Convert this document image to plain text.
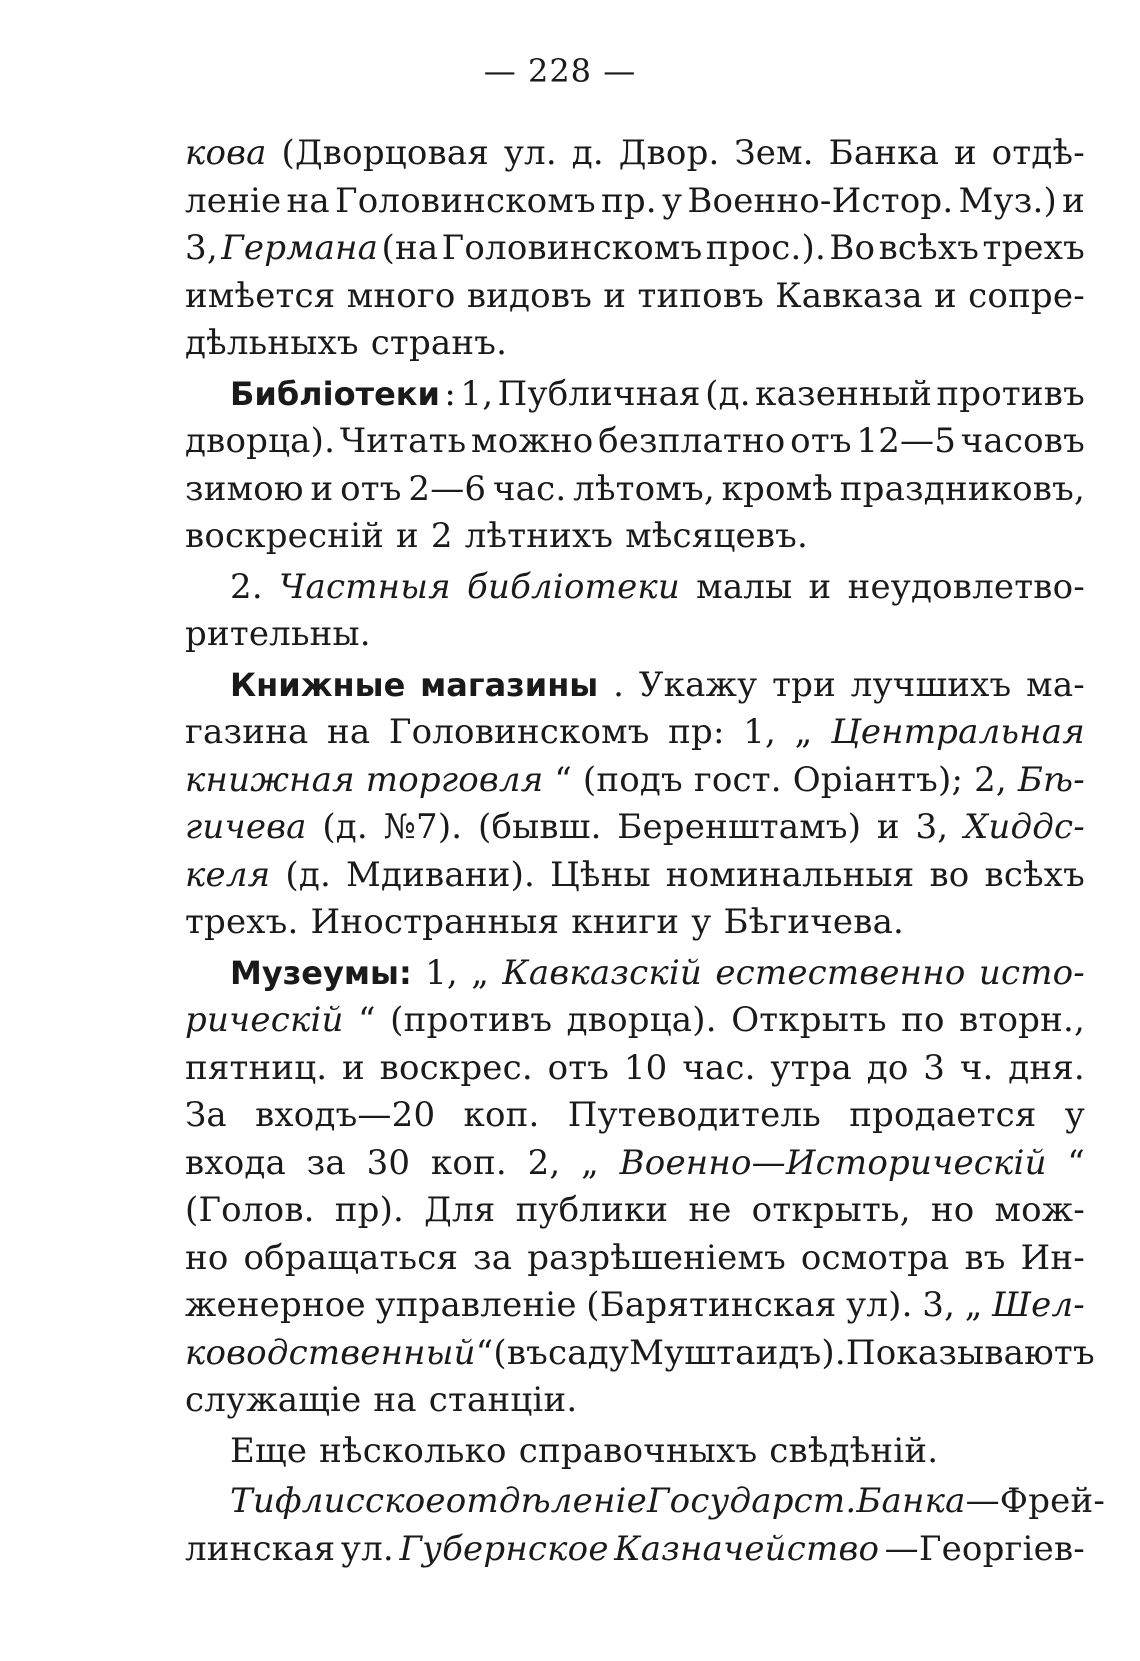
— 228 —
кова (Дворцовая ул. д. Двор. Зем. Банка и отдѣ-
леніе на Головинскомъ пр. у Военно-Истор. Муз.) и
3, Германа (на Головинскомъ прос.). Во всѣхъ трехъ
имѣется много видовъ и типовъ Кавказа и сопре-
дѣльныхъ странъ.
Библіотеки : 1, Публичная (д. казенный противъ
дворца). Читать можно безплатно отъ 12—5 часовъ
зимою и отъ 2—6 час. лѣтомъ, кромѣ праздниковъ,
воскресній и 2 лѣтнихъ мѣсяцевъ.
2. Частныя библіотеки малы и неудовлетво-
рительны.
Книжные магазины . Укажу три лучшихъ ма-
газина на Головинскомъ пр: 1, „ Центральная
книжная торговля “ (подъ гост. Оріантъ); 2, Бѣ-
гичева (д. №7). (бывш. Беренштамъ) и 3, Хиддс-
келя (д. Мдивани). Цѣны номинальныя во всѣхъ
трехъ. Иностранныя книги у Бѣгичева.
Музеумы: 1, „ Кавказскій естественно исто-
рическій “ (противъ дворца). Открыть по вторн.,
пятниц. и воскрес. отъ 10 час. утра до 3 ч. дня.
За входъ—20 коп. Путеводитель продается у
входа за 30 коп. 2, „ Военно—Историческій “
(Голов. пр). Для публики не открыть, но мож-
но обращаться за разрѣшеніемъ осмотра въ Ин-
женерное управленіе (Барятинская ул). 3, „ Шел-
ководственный “ (въ саду Муштаидъ). Показываютъ
служащіе на станціи.
Еще нѣсколько справочныхъ свѣдѣній.
Тифлисское отдѣленіе Государст. Банка —Фрей-
линская ул. Губернское Казначейство —Георгіев-
